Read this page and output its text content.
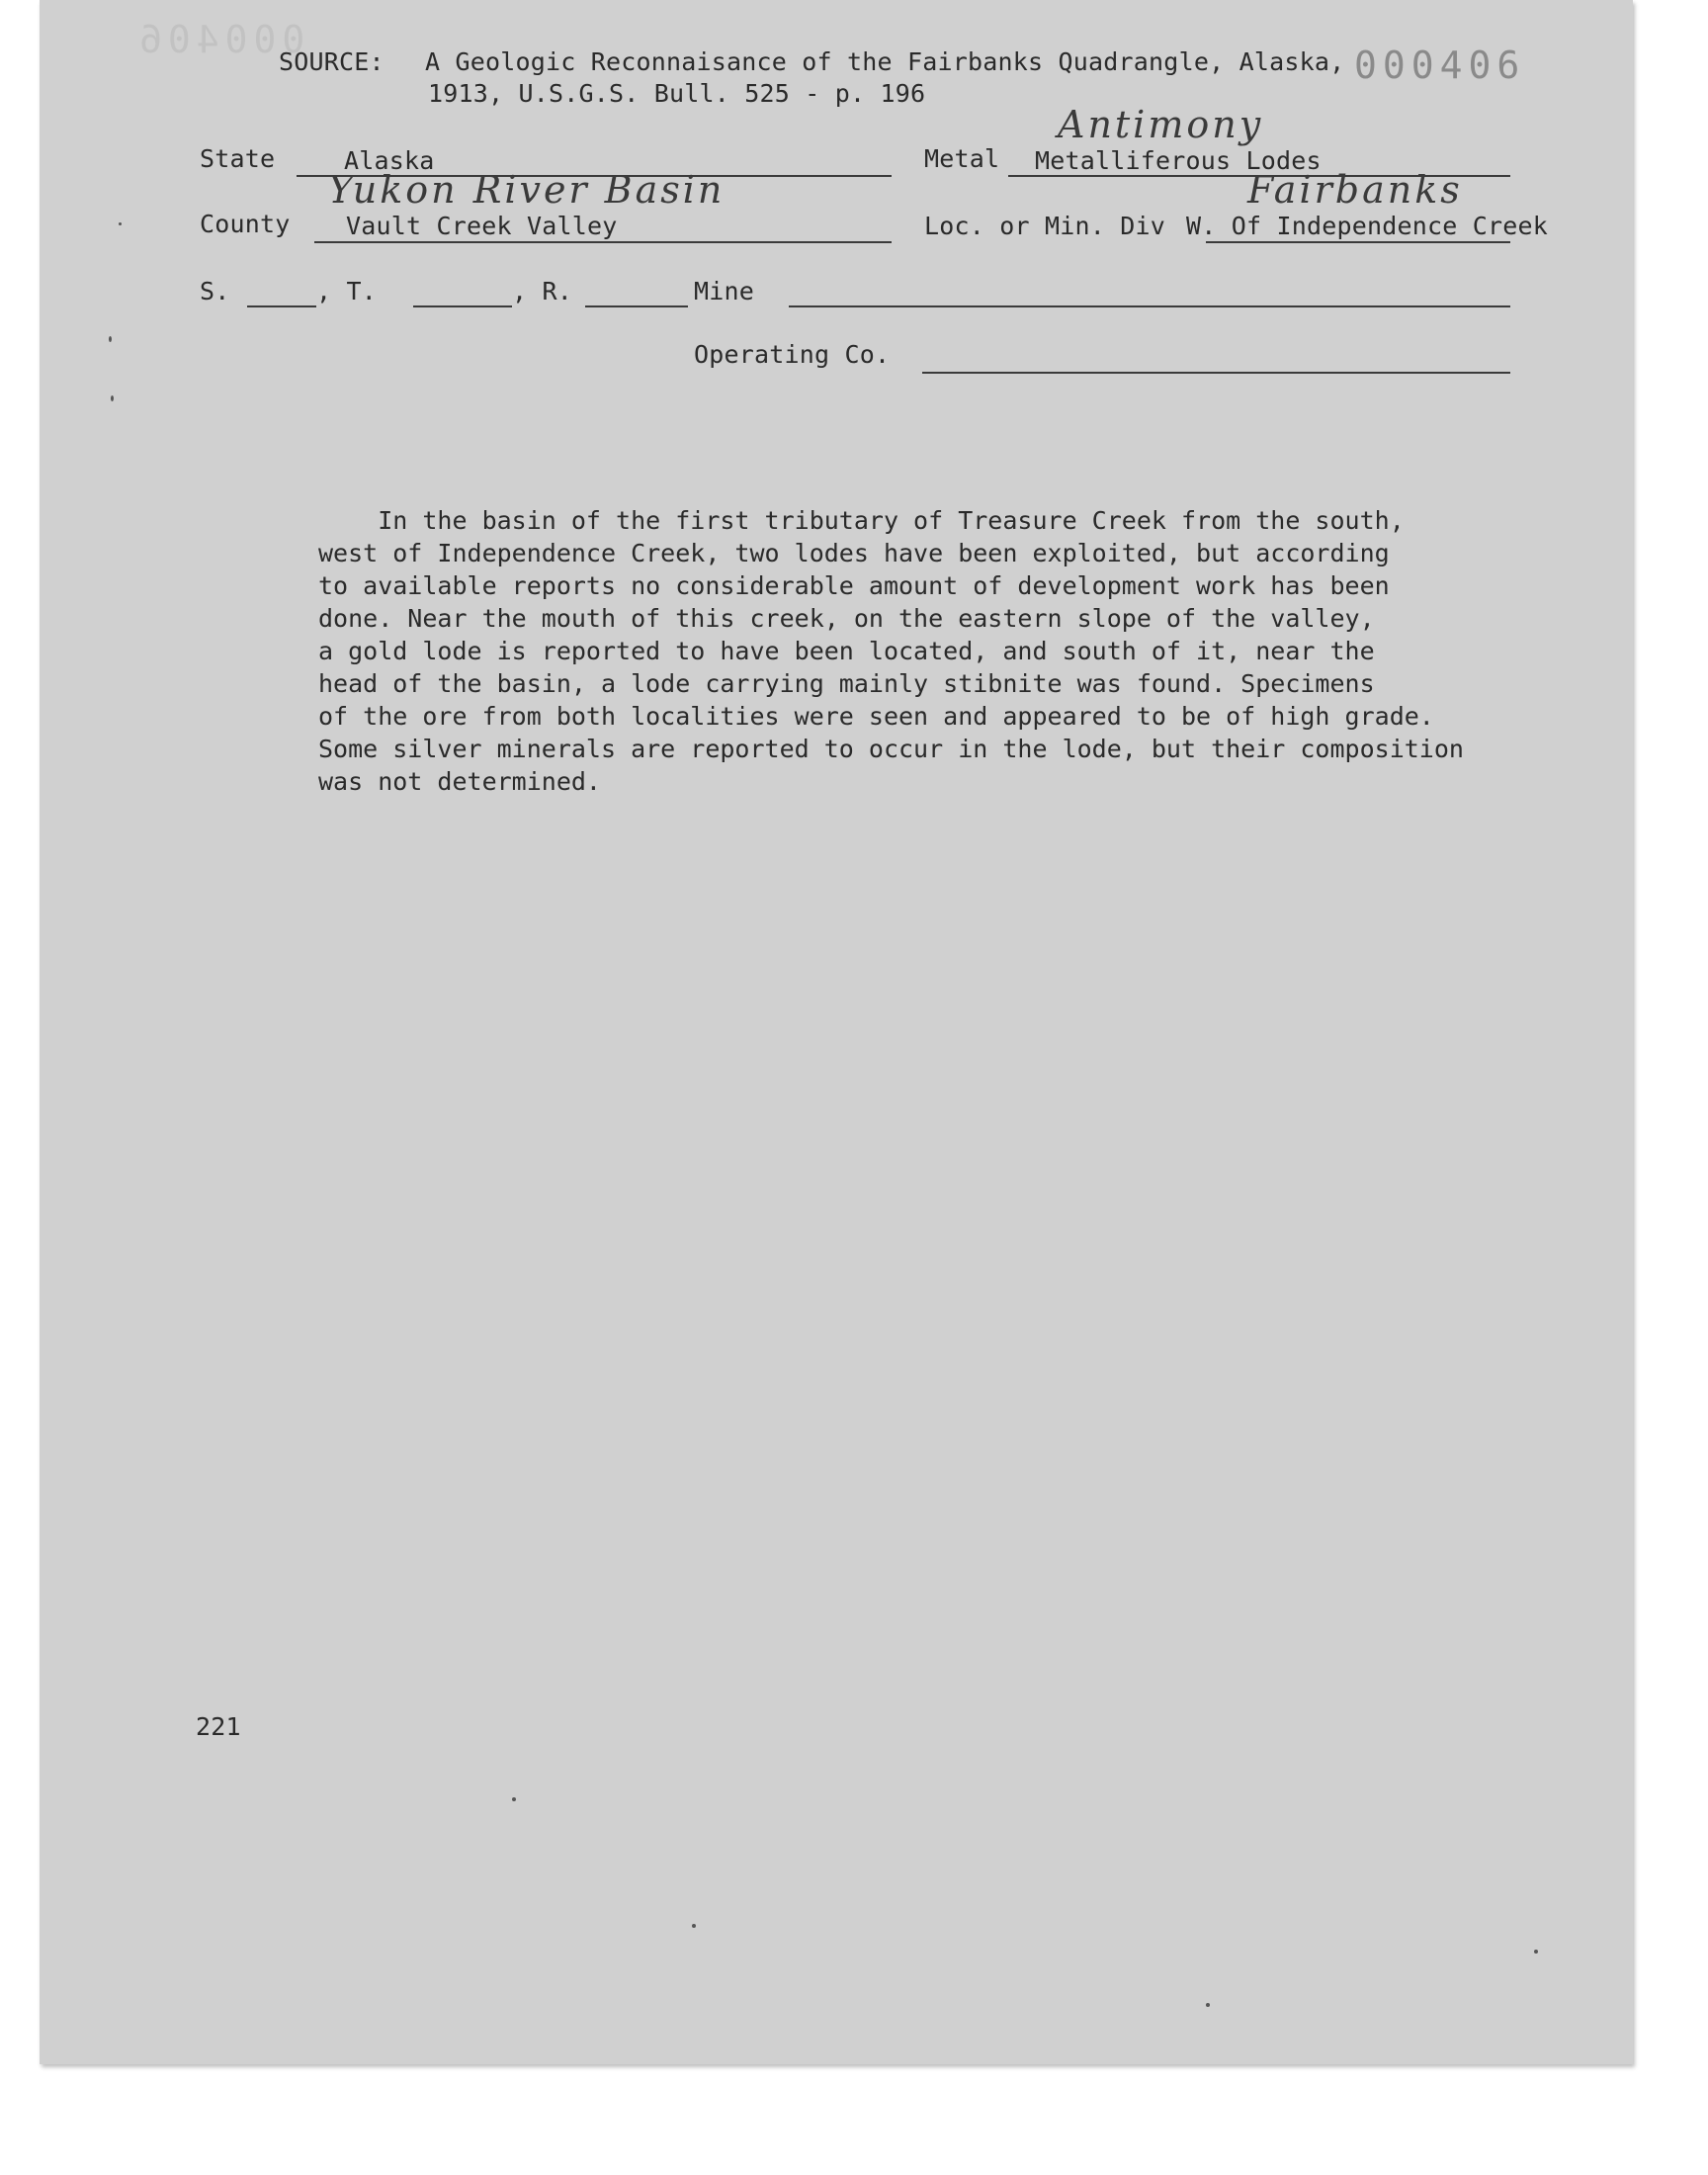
000406
000406
SOURCE: A Geologic Reconnaisance of the Fairbanks Quadrangle, Alaska,
1913, U.S.G.S. Bull. 525 - p. 196
State	Alaska
Antimony
Metal Metalliferous Lodes
Yukon River Basin
County Vault Creek Valley
Fairbanks
Loc. or Min. Div W. Of Independence Creek
S.	, T.	, R.	Mine
Operating Co.
In the basin of the first tributary of Treasure Creek from the south,
west of Independence Creek, two lodes have been exploited, but according
to available reports no considerable amount of development work has been
done. Near the mouth of this creek, on the eastern slope of the valley,
a gold lode is reported to have been located, and south of it, near the
head of the basin, a lode carrying mainly stibnite was found. Specimens
of the ore from both localities were seen and appeared to be of high grade.
Some silver minerals are reported to occur in the lode, but their composition
was not determined.
221
